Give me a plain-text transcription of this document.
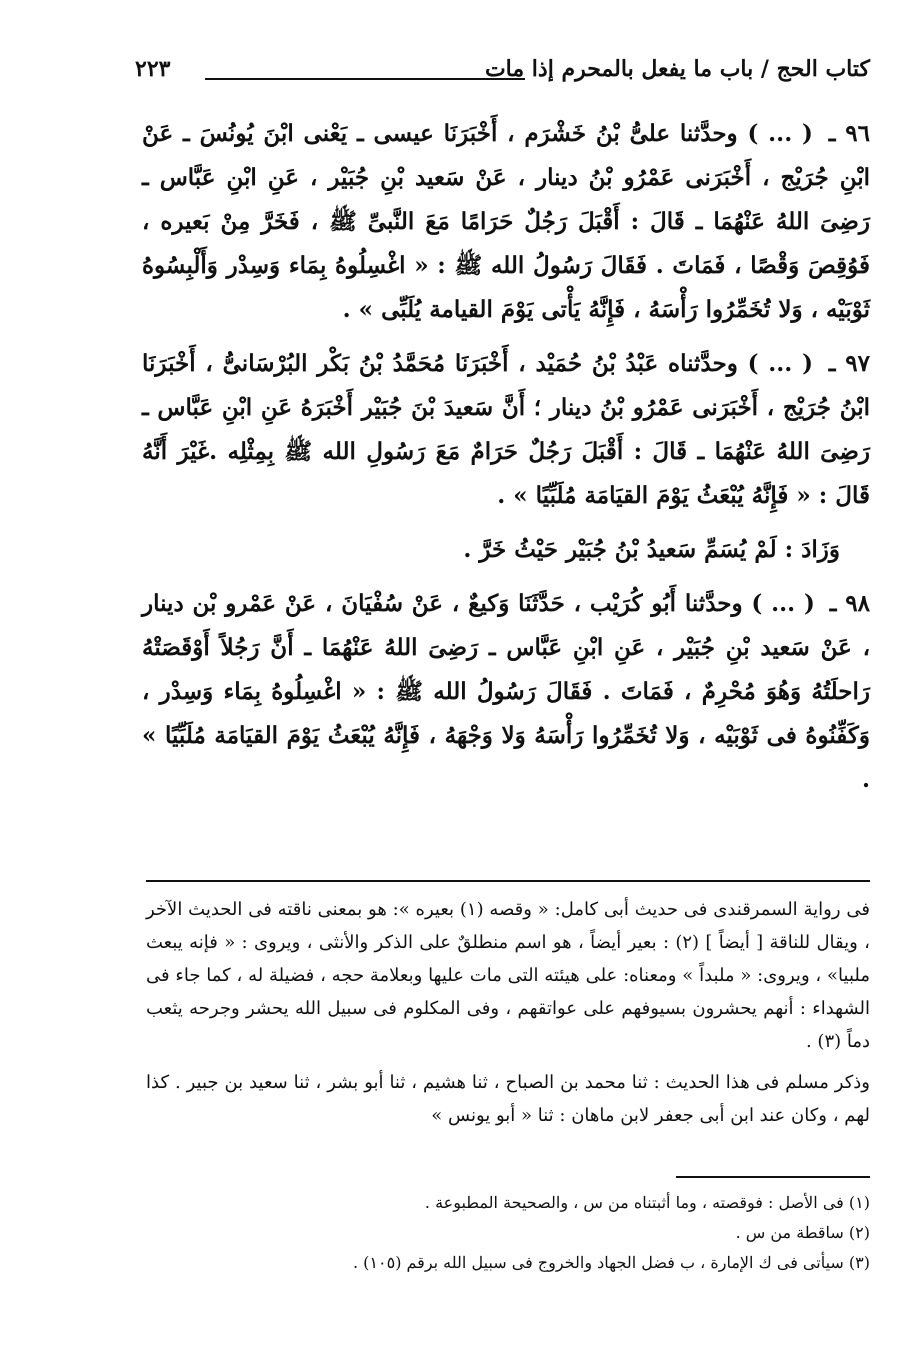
كتاب الحج / باب ما يفعل بالمحرم إذا مات
٢٢٣

٩٦ ـ ( ... ) وحدَّثنا علىُّ بْنُ خَشْرَم ، أَخْبَرَنَا عيسى ـ يَعْنى ابْنَ يُونُسَ ـ عَنْ ابْنِ جُرَيْج ، أَخْبَرَنى عَمْرُو بْنُ دينار ، عَنْ سَعيد بْنِ جُبَيْر ، عَنِ ابْنِ عَبَّاس ـ رَضِىَ اللهُ عَنْهُمَا ـ قَالَ : أَقْبَلَ رَجُلٌ حَرَامًا مَعَ النَّبىِّ ﷺ ، فَخَرَّ مِنْ بَعيره ، فَوُقِصَ وَقْصًا ، فَمَاتَ . فَقَالَ رَسُولُ الله ﷺ : « اغْسِلُوهُ بِمَاء وَسِدْر وَأَلْبِسُوهُ ثَوْبَيْه ، وَلا تُخَمِّرُوا رَأْسَهُ ، فَإِنَّهُ يَأْتى يَوْمَ القيامة يُلَبِّى » .

٩٧ ـ ( ... ) وحدَّثناه عَبْدُ بْنُ حُمَيْد ، أَخْبَرَنَا مُحَمَّدُ بْنُ بَكْر البُرْسَانىُّ ، أَخْبَرَنَا ابْنُ جُرَيْج ، أَخْبَرَنى عَمْرُو بْنُ دينار ؛ أَنَّ سَعيدَ بْنَ جُبَيْر أَخْبَرَهُ عَنِ ابْنِ عَبَّاس ـ رَضِىَ اللهُ عَنْهُمَا ـ قَالَ : أَقْبَلَ رَجُلٌ حَرَامٌ مَعَ رَسُولِ الله ﷺ بِمِثْلِه .غَيْرَ أَنَّهُ قَالَ : « فَإِنَّهُ يُبْعَثُ يَوْمَ القيَامَة مُلَبِّيًا » .

وَزَادَ : لَمْ يُسَمِّ سَعيدُ بْنُ جُبَيْر حَيْثُ خَرَّ .

٩٨ ـ ( ... ) وحدَّثنا أَبُو كُرَيْب ، حَدَّثَنَا وَكيعٌ ، عَنْ سُفْيَانَ ، عَنْ عَمْرو بْن دينار ، عَنْ سَعيد بْنِ جُبَيْر ، عَنِ ابْنِ عَبَّاس ـ رَضِىَ اللهُ عَنْهُمَا ـ أَنَّ رَجُلاً أَوْقَصَتْهُ رَاحلَتُهُ وَهُوَ مُحْرِمٌ ، فَمَاتَ . فَقَالَ رَسُولُ الله ﷺ : « اغْسِلُوهُ بِمَاء وَسِدْر ، وَكَفِّنُوهُ فى ثَوْبَيْه ، وَلا تُخَمِّرُوا رَأْسَهُ وَلا وَجْهَهُ ، فَإِنَّهُ يُبْعَثُ يَوْمَ القيَامَة مُلَبِّيًا » .

فى رواية السمرقندى فى حديث أبى كامل: « وقصه (١) بعيره »: هو بمعنى ناقته فى الحديث الآخر ، ويقال للناقة [ أيضاً ] (٢) : بعير أيضاً ، هو اسم منطلقٌ على الذكر والأنثى ، ويروى : « فإنه يبعث ملبيا» ، ويروى: « ملبداً » ومعناه: على هيئته التى مات عليها وبعلامة حجه ، فضيلة له ، كما جاء فى الشهداء : أنهم يحشرون بسيوفهم على عواتقهم ، وفى المكلوم فى سبيل الله يحشر وجرحه يثعب دماً (٣) .

وذكر مسلم فى هذا الحديث : ثنا محمد بن الصباح ، ثنا هشيم ، ثنا أبو بشر ، ثنا سعيد بن جبير . كذا لهم ، وكان عند ابن أبى جعفر لابن ماهان : ثنا « أبو يونس »

(١) فى الأصل : فوقصته ، وما أثبتناه من س ، والصحيحة المطبوعة .
(٢) ساقطة من س .
(٣) سيأتى فى ك الإمارة ، ب فضل الجهاد والخروج فى سبيل الله برقم (١٠٥) .
